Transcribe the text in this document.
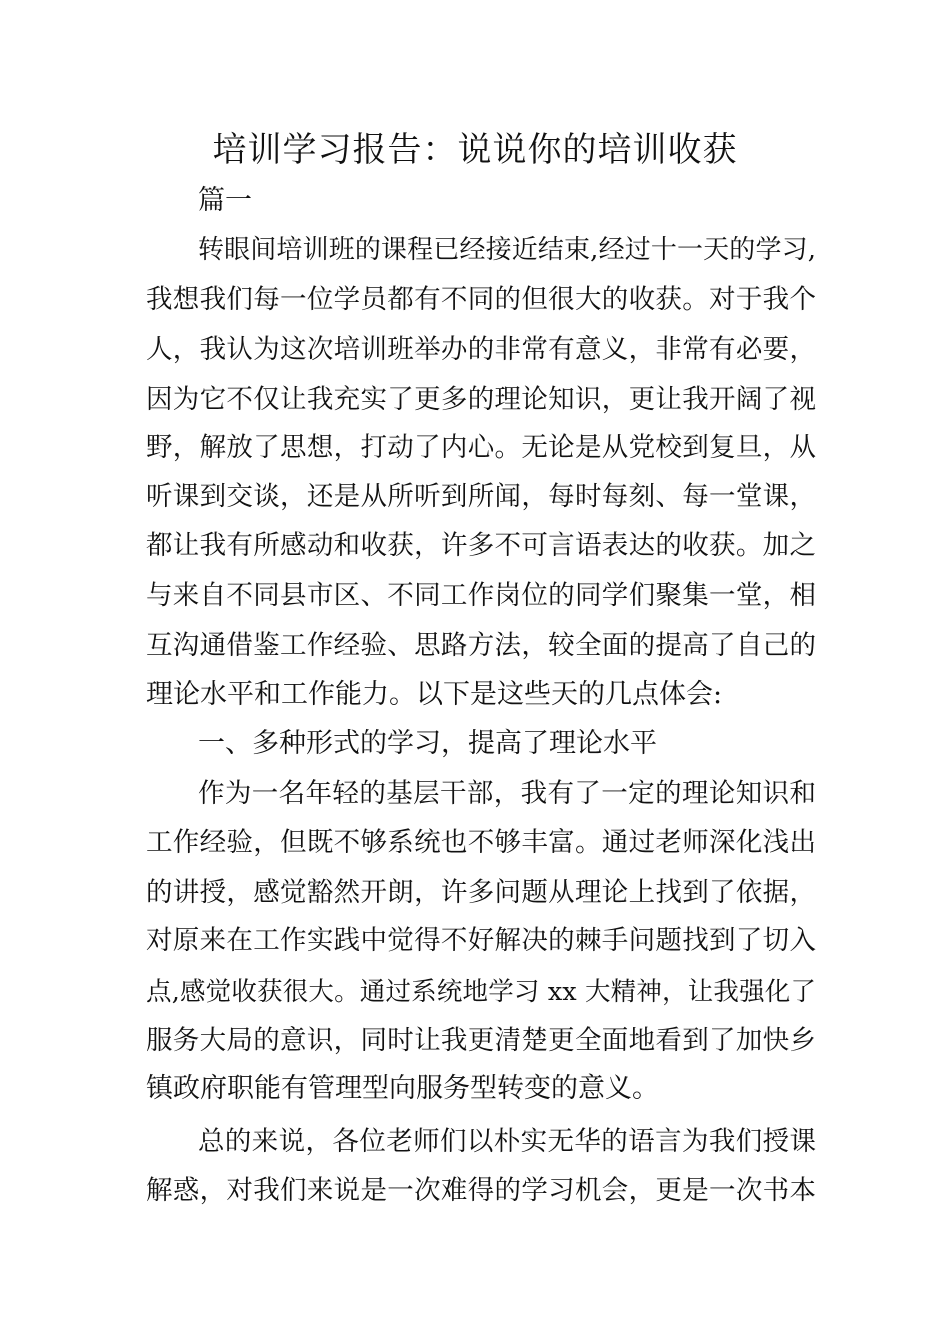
培训学习报告：说说你的培训收获

篇一

转眼间培训班的课程已经接近结束,经过十一天的学习,

我想我们每一位学员都有不同的但很大的收获。对于我个

人，我认为这次培训班举办的非常有意义，非常有必要，

因为它不仅让我充实了更多的理论知识，更让我开阔了视

野，解放了思想，打动了内心。无论是从党校到复旦，从

听课到交谈，还是从所听到所闻，每时每刻、每一堂课，

都让我有所感动和收获，许多不可言语表达的收获。加之

与来自不同县市区、不同工作岗位的同学们聚集一堂，相

互沟通借鉴工作经验、思路方法，较全面的提高了自己的

理论水平和工作能力。以下是这些天的几点体会:

一、多种形式的学习，提高了理论水平

作为一名年轻的基层干部，我有了一定的理论知识和

工作经验，但既不够系统也不够丰富。通过老师深化浅出

的讲授，感觉豁然开朗，许多问题从理论上找到了依据，

对原来在工作实践中觉得不好解决的棘手问题找到了切入

点,感觉收获很大。通过系统地学习 xx 大精神，让我强化了

服务大局的意识，同时让我更清楚更全面地看到了加快乡

镇政府职能有管理型向服务型转变的意义。

总的来说，各位老师们以朴实无华的语言为我们授课

解惑，对我们来说是一次难得的学习机会，更是一次书本
